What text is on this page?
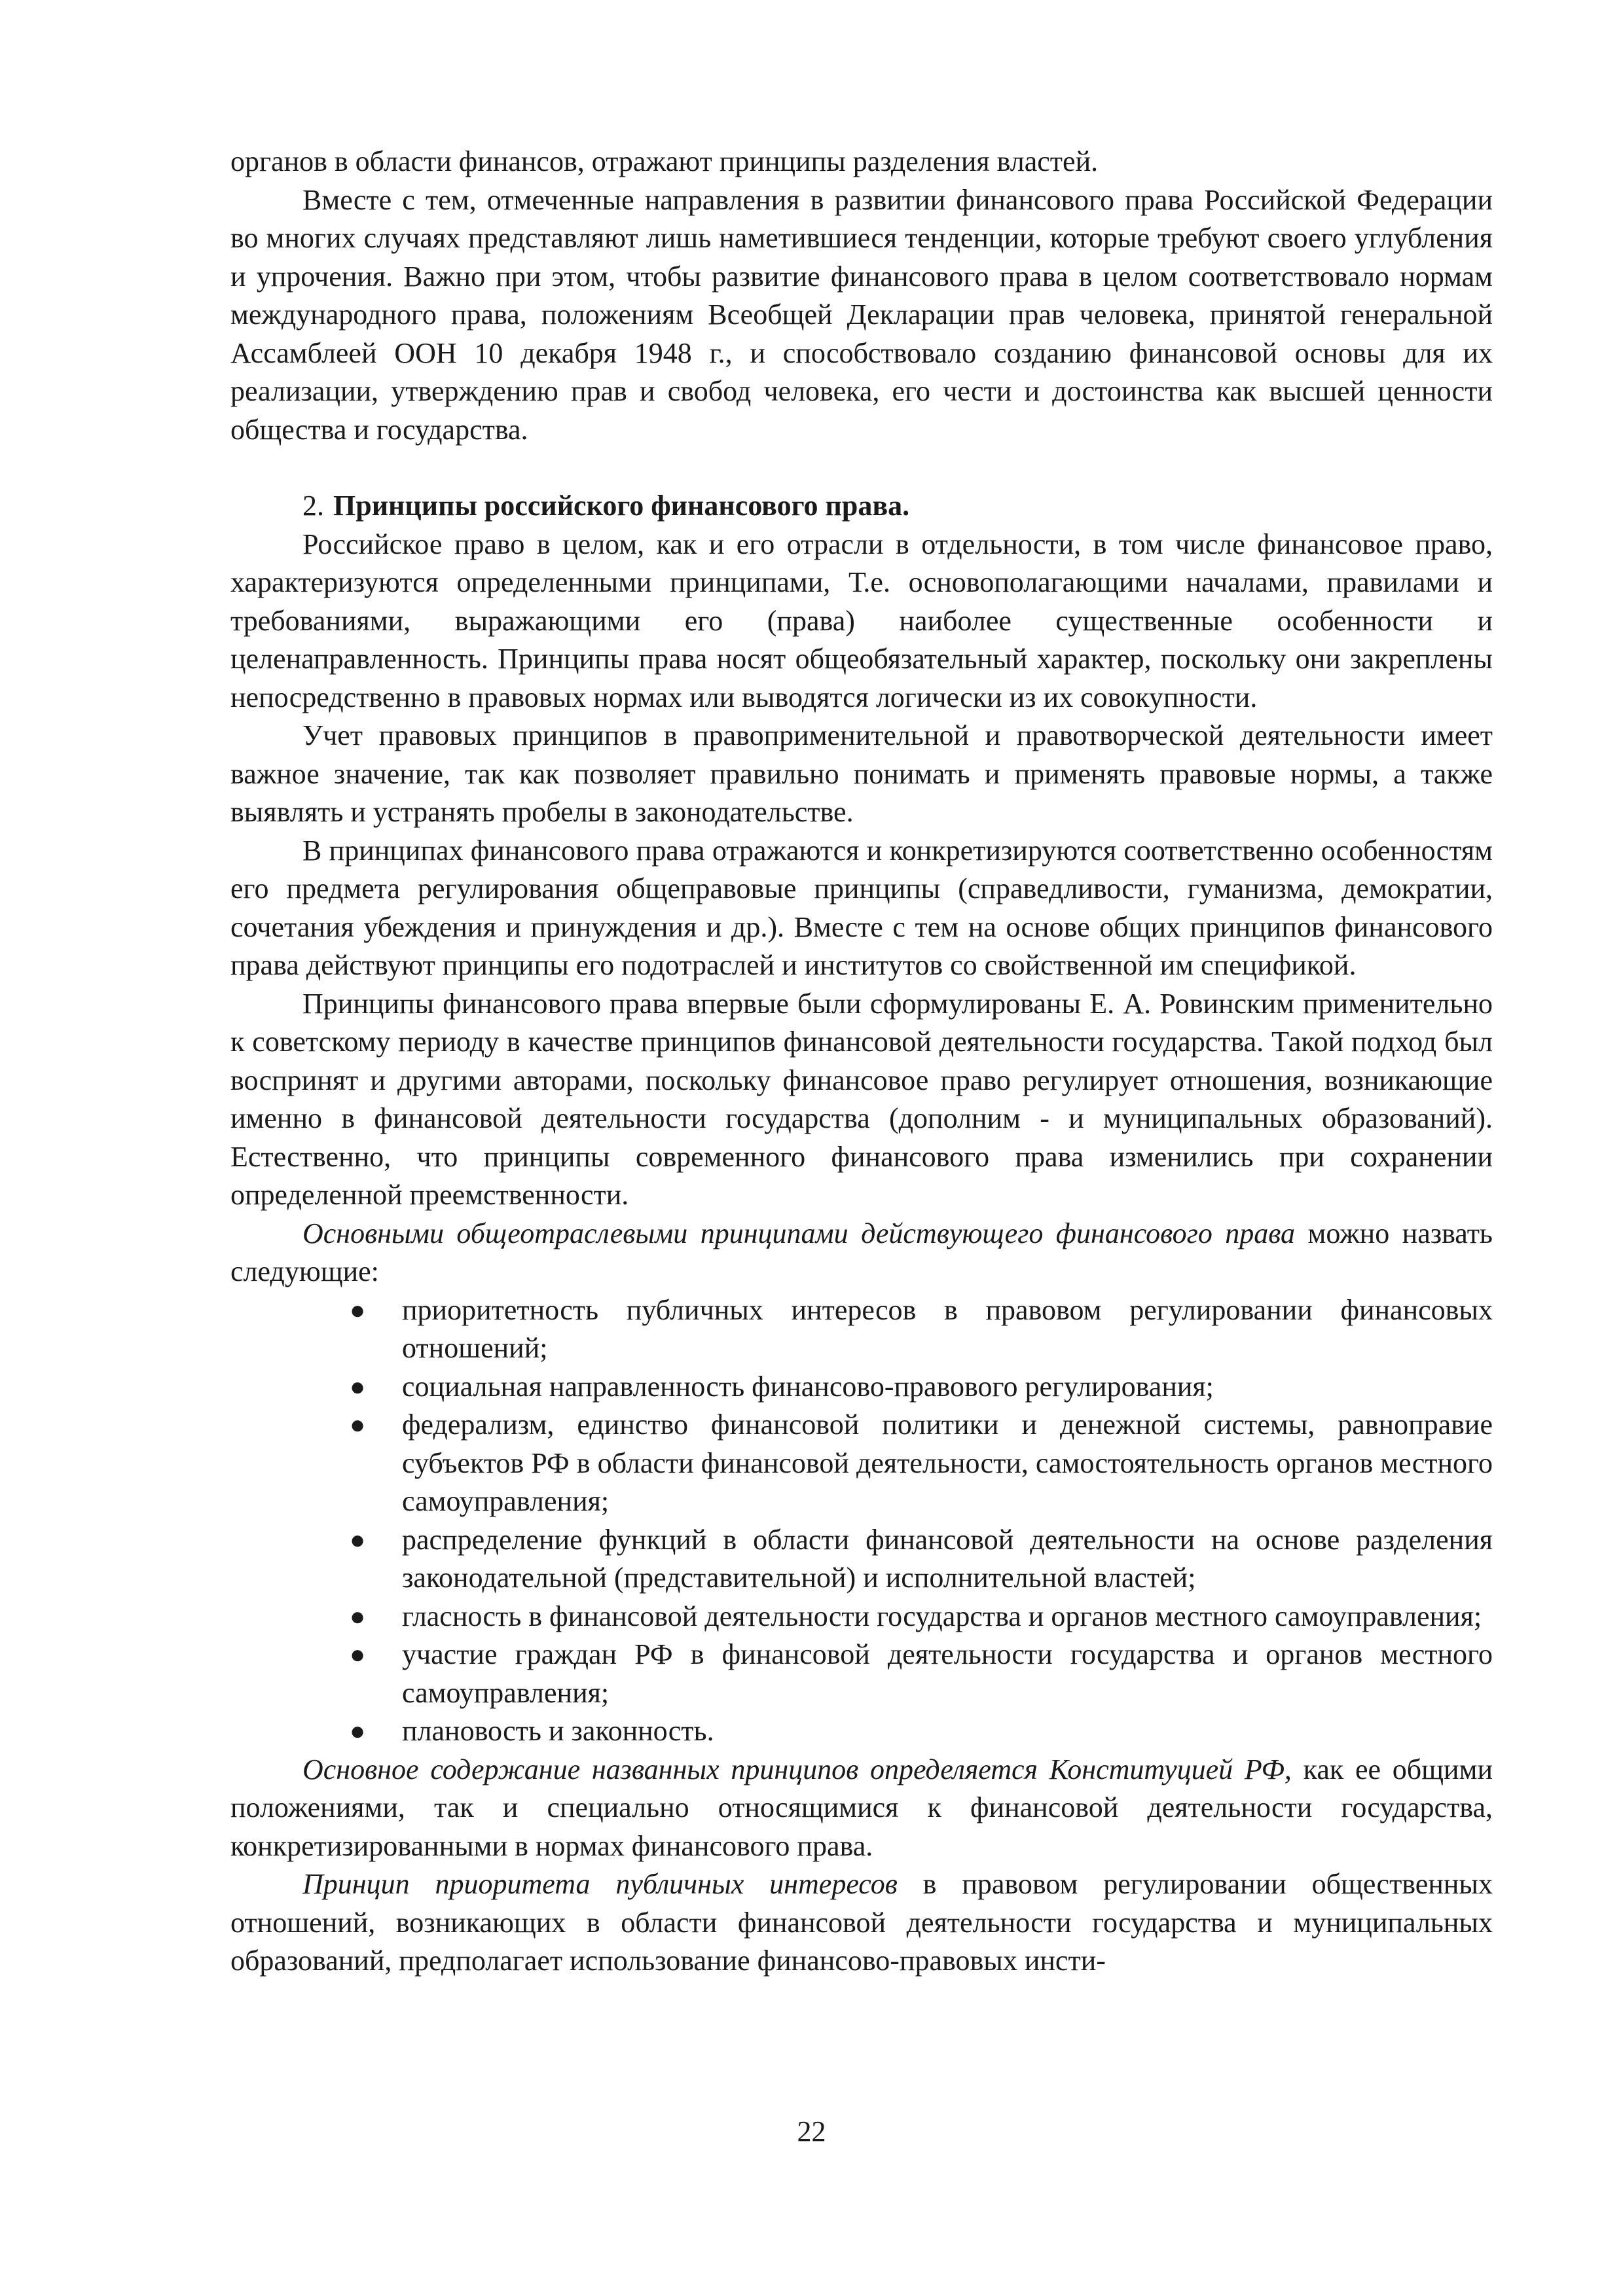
органов в области финансов, отражают принципы разделения властей.

Вместе с тем, отмеченные направления в развитии финансового права Российской Федерации во многих случаях представляют лишь наметившиеся тенденции, которые требуют своего углубления и упрочения. Важно при этом, чтобы развитие финансового права в целом соответствовало нормам международного права, положениям Всеобщей Декларации прав человека, принятой генеральной Ассамблеей ООН 10 декабря 1948 г., и способствовало созданию финансовой основы для их реализации, утверждению прав и свобод человека, его чести и достоинства как высшей ценности общества и государства.

2. Принципы российского финансового права.

Российское право в целом, как и его отрасли в отдельности, в том числе финансовое право, характеризуются определенными принципами, Т.е. основополагающими началами, правилами и требованиями, выражающими его (права) наиболее существенные особенности и целенаправленность. Принципы права носят общеобязательный характер, поскольку они закреплены непосредственно в правовых нормах или выводятся логически из их совокупности.

Учет правовых принципов в правоприменительной и правотворческой деятельности имеет важное значение, так как позволяет правильно понимать и применять правовые нормы, а также выявлять и устранять пробелы в законодательстве.

В принципах финансового права отражаются и конкретизируются соответственно особенностям его предмета регулирования общеправовые принципы (справедливости, гуманизма, демократии, сочетания убеждения и принуждения и др.). Вместе с тем на основе общих принципов финансового права действуют принципы его подотраслей и институтов со свойственной им спецификой.

Принципы финансового права впервые были сформулированы Е. А. Ровинским применительно к советскому периоду в качестве принципов финансовой деятельности государства. Такой подход был воспринят и другими авторами, поскольку финансовое право регулирует отношения, возникающие именно в финансовой деятельности государства (дополним - и муниципальных образований). Естественно, что принципы современного финансового права изменились при сохранении определенной преемственности.

Основными общеотраслевыми принципами действующего финансового права можно назвать следующие:

● приоритетность публичных интересов в правовом регулировании финансовых отношений;
● социальная направленность финансово-правового регулирования;
● федерализм, единство финансовой политики и денежной системы, равноправие субъектов РФ в области финансовой деятельности, самостоятельность органов местного самоуправления;
● распределение функций в области финансовой деятельности на основе разделения законодательной (представительной) и исполнительной властей;
● гласность в финансовой деятельности государства и органов местного самоуправления;
● участие граждан РФ в финансовой деятельности государства и органов местного самоуправления;
● плановость и законность.

Основное содержание названных принципов определяется Конституцией РФ, как ее общими положениями, так и специально относящимися к финансовой деятельности государства, конкретизированными в нормах финансового права.

Принцип приоритета публичных интересов в правовом регулировании общественных отношений, возникающих в области финансовой деятельности государства и муниципальных образований, предполагает использование финансово-правовых инсти-

22
